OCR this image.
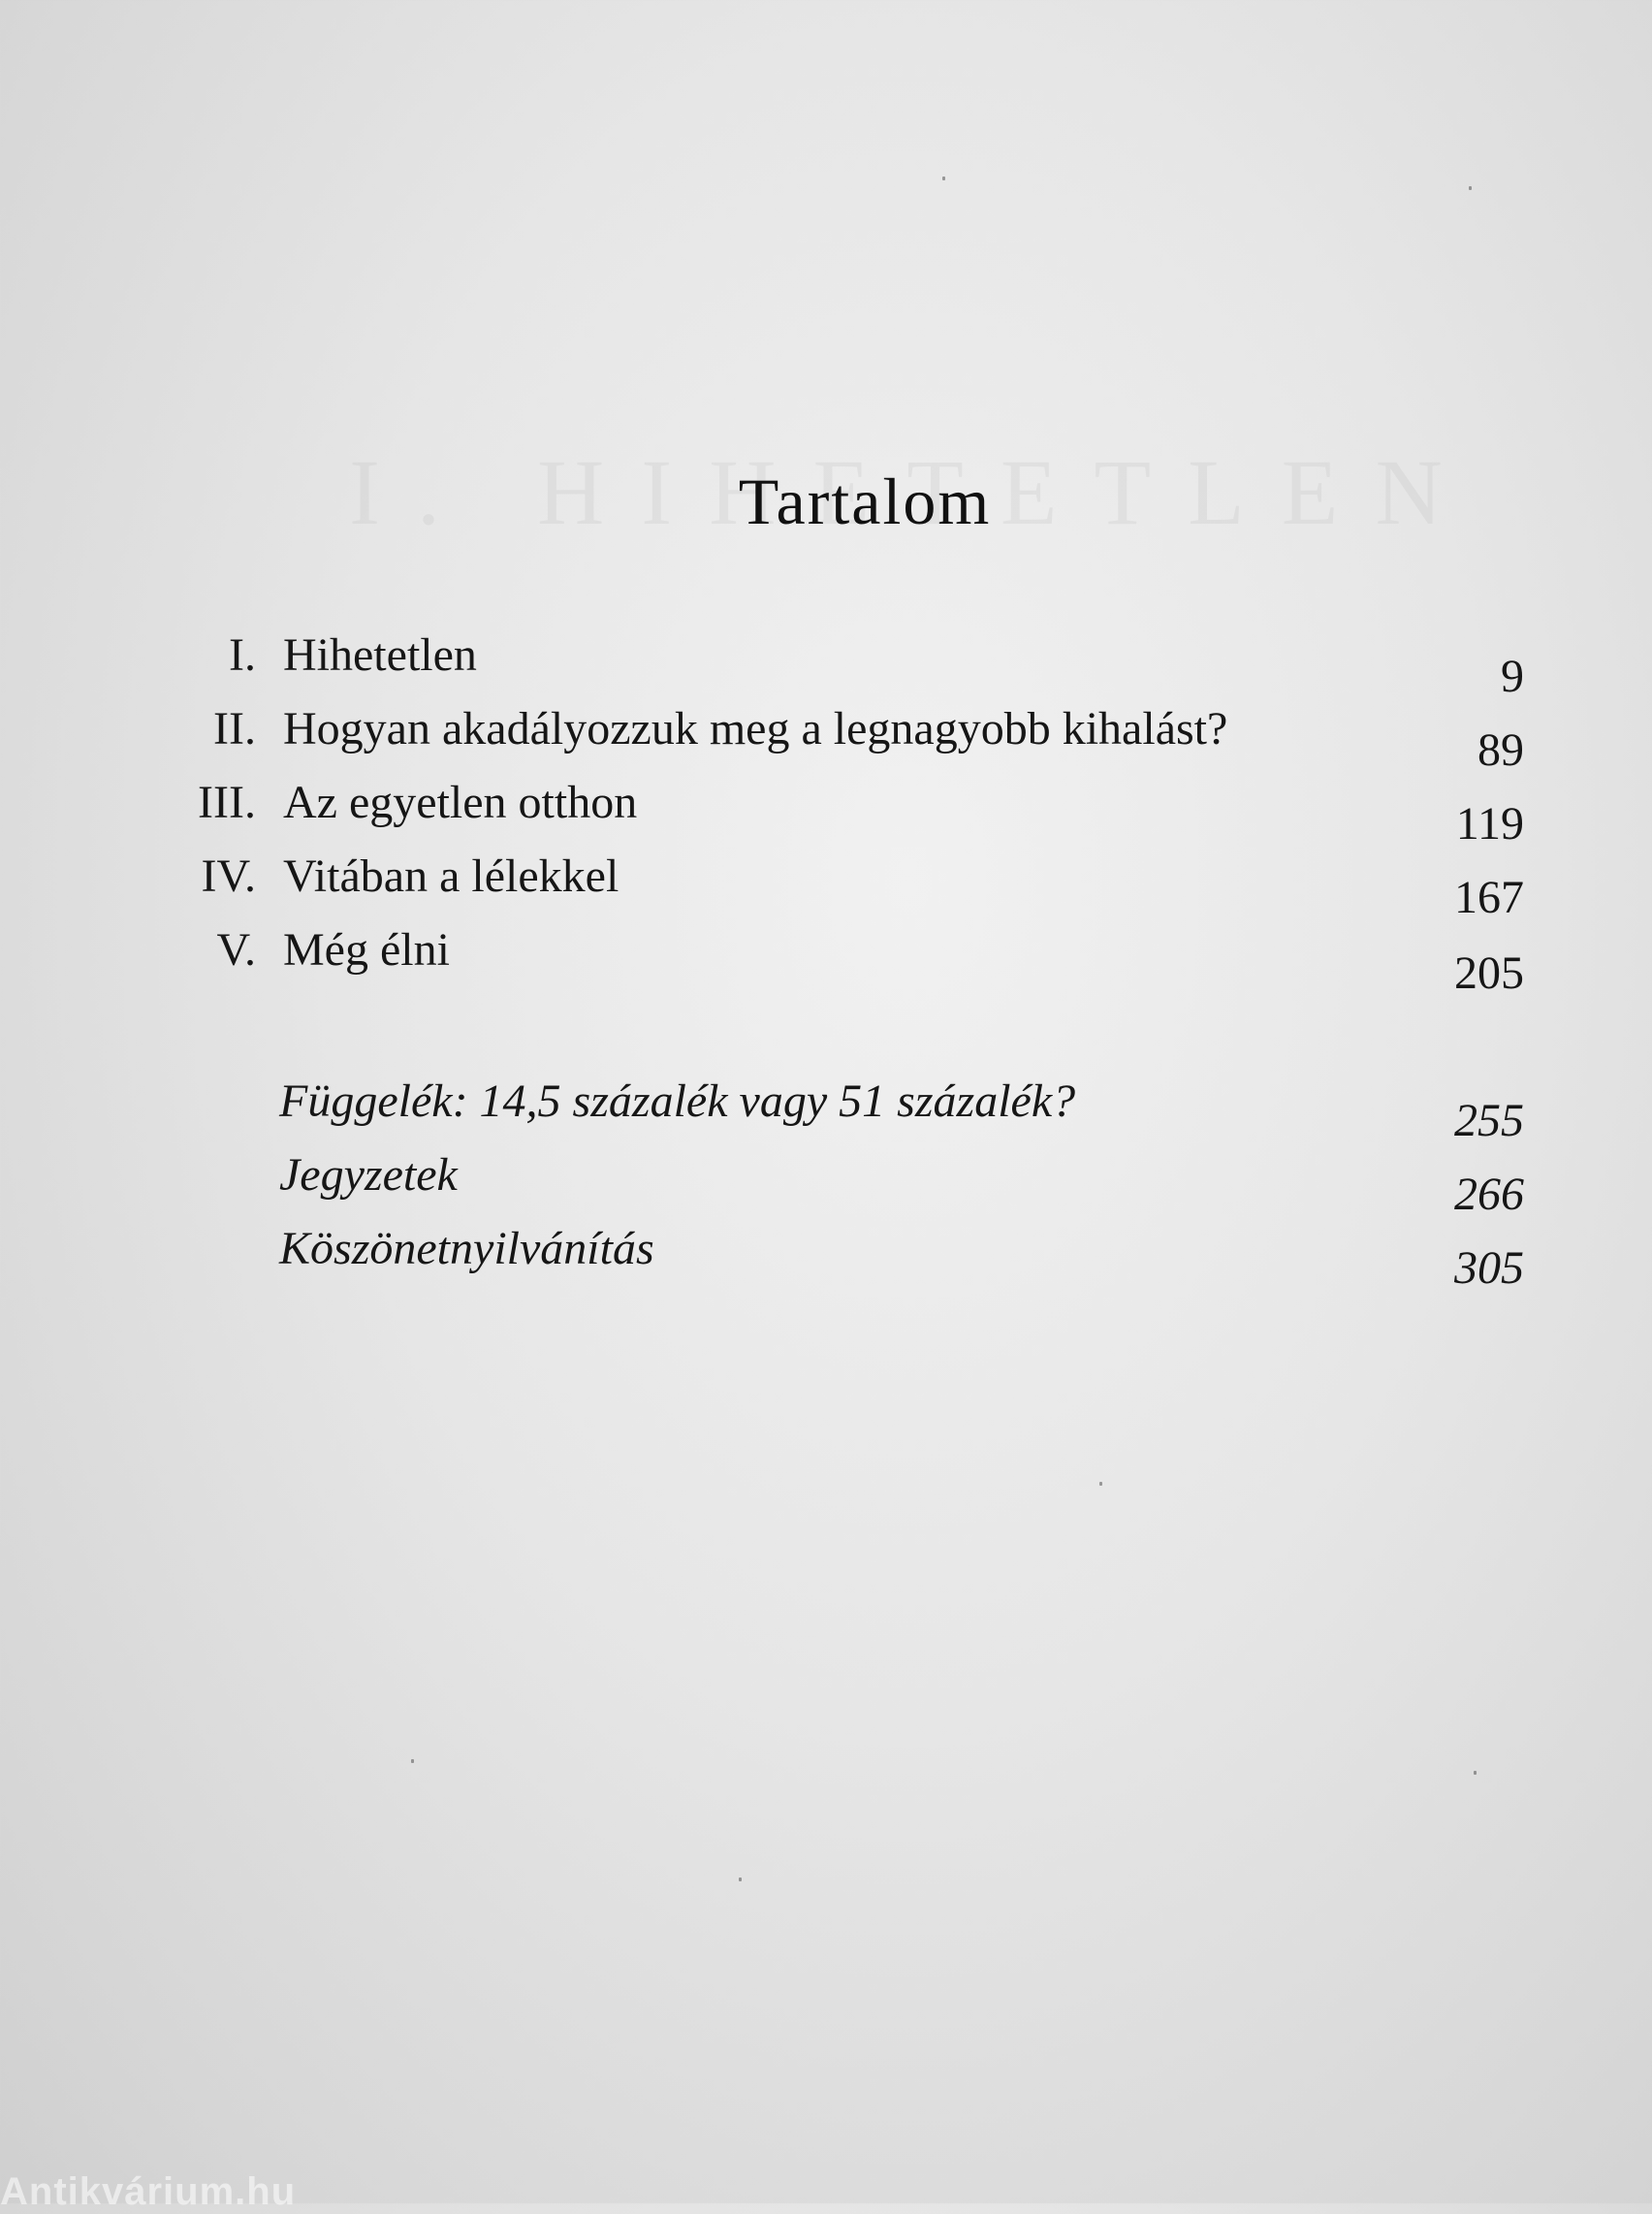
Tartalom
I. Hihetetlen	9
II. Hogyan akadályozzuk meg a legnagyobb kihalást?	89
III. Az egyetlen otthon	119
IV. Vitában a lélekkel	167
V. Még élni	205
Függelék: 14,5 százalék vagy 51 százalék?	255
Jegyzetek	266
Köszönetnyilvánítás	305
Antikvárium.hu
